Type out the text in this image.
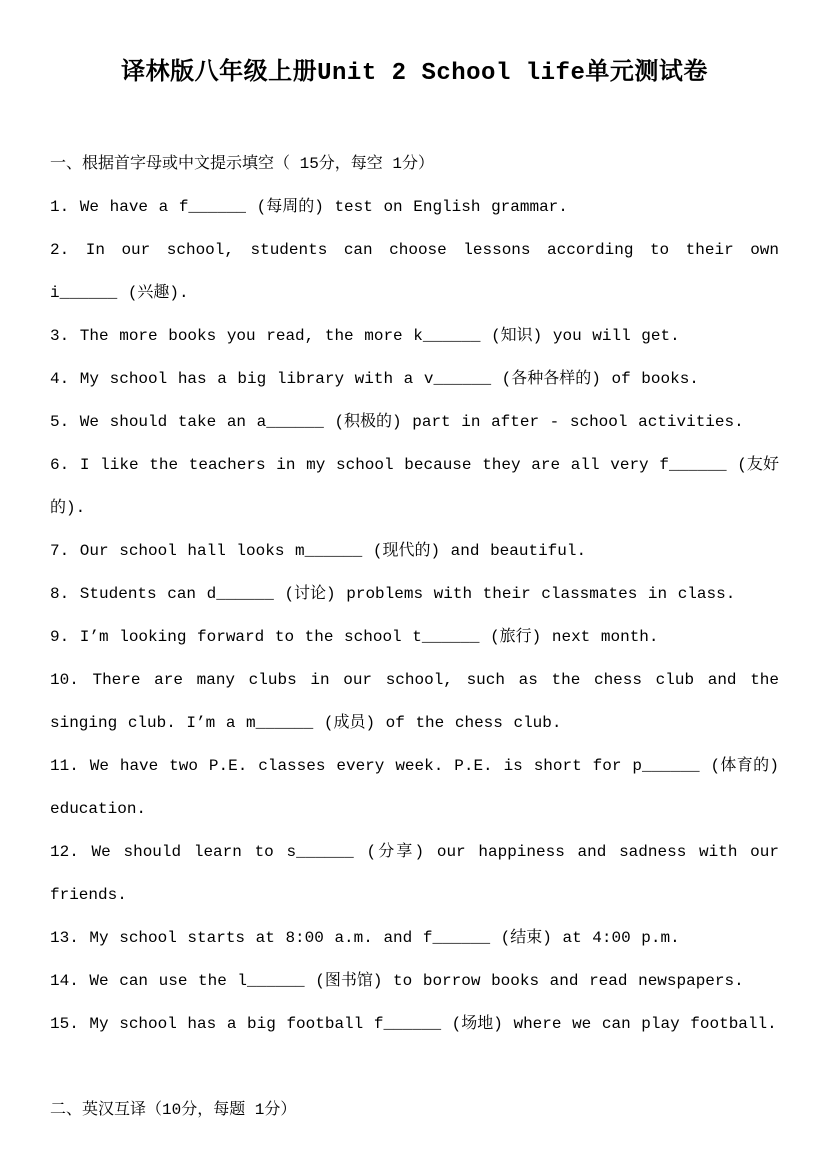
译林版八年级上册Unit 2 School life单元测试卷

一、根据首字母或中文提示填空（ 15分，每空 1分）

1. We have a f______ (每周的) test on English grammar.

2. In our school, students can choose lessons according to their own i______ (兴趣).

3. The more books you read, the more k______ (知识) you will get.

4. My school has a big library with a v______ (各种各样的) of books.

5. We should take an a______ (积极的) part in after - school activities.

6. I like the teachers in my school because they are all very f______ (友好的).

7. Our school hall looks m______ (现代的) and beautiful.

8. Students can d______ (讨论) problems with their classmates in class.

9. I’m looking forward to the school t______ (旅行) next month.

10. There are many clubs in our school, such as the chess club and the singing club. I’m a m______ (成员) of the chess club.

11. We have two P.E. classes every week. P.E. is short for p______ (体育的) education.

12. We should learn to s______ (分享) our happiness and sadness with our friends.

13. My school starts at 8:00 a.m. and f______ (结束) at 4:00 p.m.

14. We can use the l______ (图书馆) to borrow books and read newspapers.

15. My school has a big football f______ (场地) where we can play football.

二、英汉互译（10分，每题 1分）
